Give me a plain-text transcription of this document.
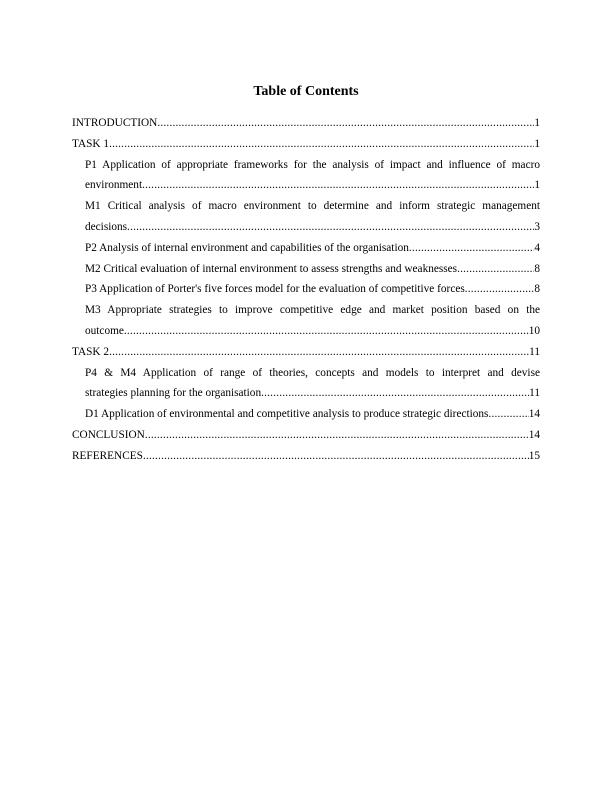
Table of Contents
INTRODUCTION .....	1
TASK 1 .....	1
P1 Application of appropriate frameworks for the analysis of impact and influence of macro
environment .....	1
M1 Critical analysis of macro environment to determine and inform strategic management
decisions .....	3
P2 Analysis of internal environment and capabilities of the organisation .....	4
M2 Critical evaluation of internal environment to assess strengths and weaknesses .....	8
P3 Application of Porter's five forces model for the evaluation of competitive forces .....	8
M3 Appropriate strategies to improve competitive edge and market position based on the
outcome .....	10
TASK 2 .....	11
P4 & M4 Application of range of theories, concepts and models to interpret and devise
strategies planning for the organisation .....	11
D1 Application of environmental and competitive analysis to produce strategic directions .....	14
CONCLUSION .....	14
REFERENCES .....	15
